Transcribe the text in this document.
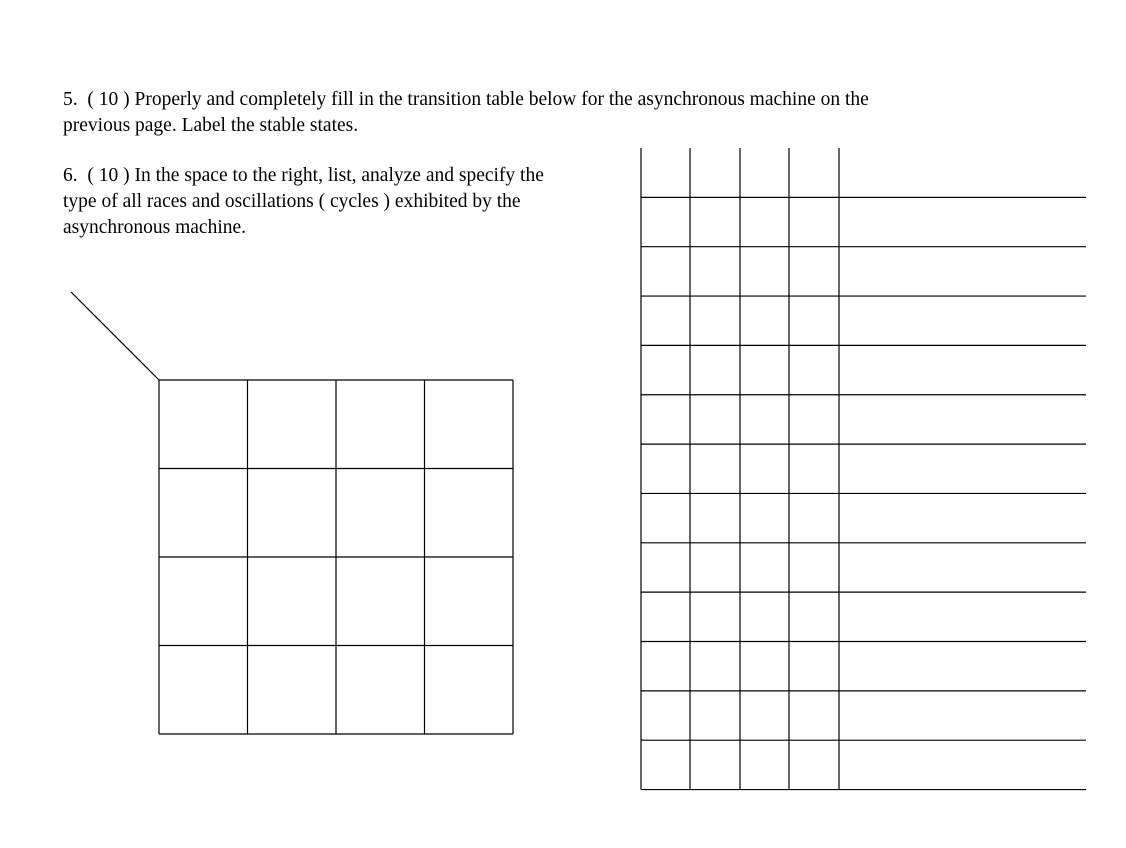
5. ( 10 ) Properly and completely fill in the transition table below for the asynchronous machine on the
previous page. Label the stable states.

6. ( 10 ) In the space to the right, list, analyze and specify the
type of all races and oscillations ( cycles ) exhibited by the
asynchronous machine.
